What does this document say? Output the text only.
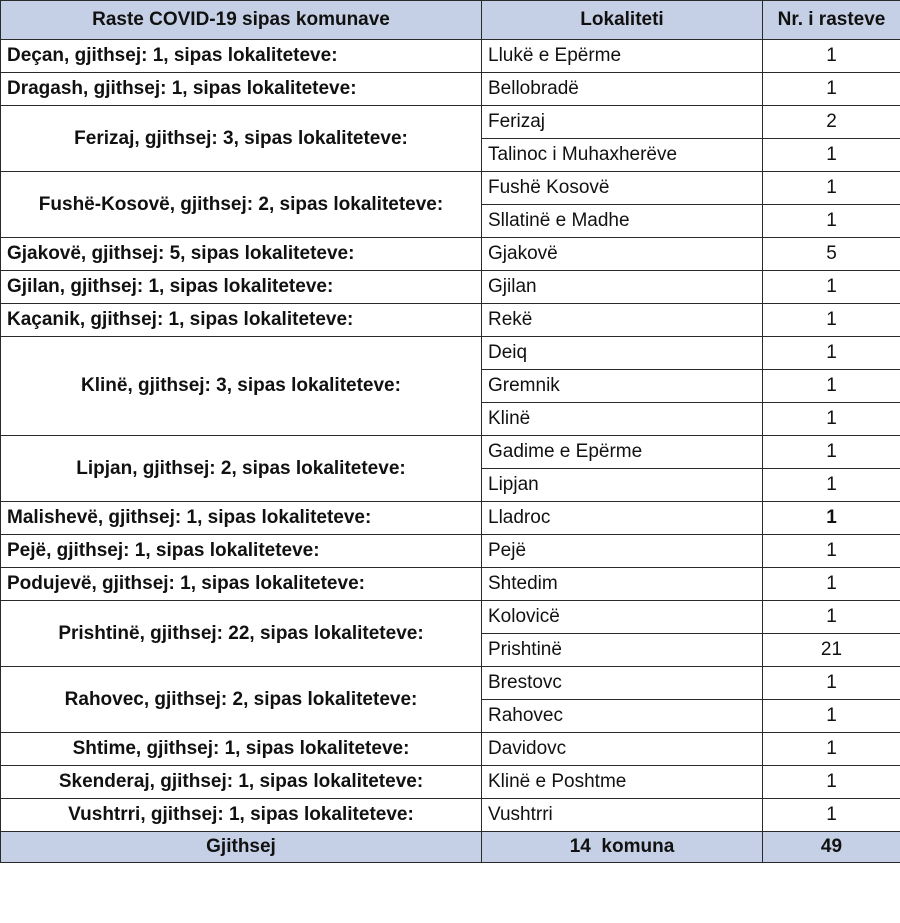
Raste COVID-19 sipas komunave	Lokaliteti	Nr. i rasteve
Deçan, gjithsej: 1, sipas lokaliteteve:	Llukë e Epërme	1
Dragash, gjithsej: 1, sipas lokaliteteve:	Bellobradë	1
Ferizaj, gjithsej: 3, sipas lokaliteteve:	Ferizaj	2
	Talinoc i Muhaxherëve	1
Fushë-Kosovë, gjithsej: 2, sipas lokaliteteve:	Fushë Kosovë	1
	Sllatinë e Madhe	1
Gjakovë, gjithsej: 5, sipas lokaliteteve:	Gjakovë	5
Gjilan, gjithsej: 1, sipas lokaliteteve:	Gjilan	1
Kaçanik, gjithsej: 1, sipas lokaliteteve:	Rekë	1
Klinë, gjithsej: 3, sipas lokaliteteve:	Deiq	1
	Gremnik	1
	Klinë	1
Lipjan, gjithsej: 2, sipas lokaliteteve:	Gadime e Epërme	1
	Lipjan	1
Malishevë, gjithsej: 1, sipas lokaliteteve:	Lladroc	1
Pejë, gjithsej: 1, sipas lokaliteteve:	Pejë	1
Podujevë, gjithsej: 1, sipas lokaliteteve:	Shtedim	1
Prishtinë, gjithsej: 22, sipas lokaliteteve:	Kolovicë	1
	Prishtinë	21
Rahovec, gjithsej: 2, sipas lokaliteteve:	Brestovc	1
	Rahovec	1
Shtime, gjithsej: 1, sipas lokaliteteve:	Davidovc	1
Skenderaj, gjithsej: 1, sipas lokaliteteve:	Klinë e Poshtme	1
Vushtrri, gjithsej: 1, sipas lokaliteteve:	Vushtrri	1
Gjithsej	14  komuna	49
